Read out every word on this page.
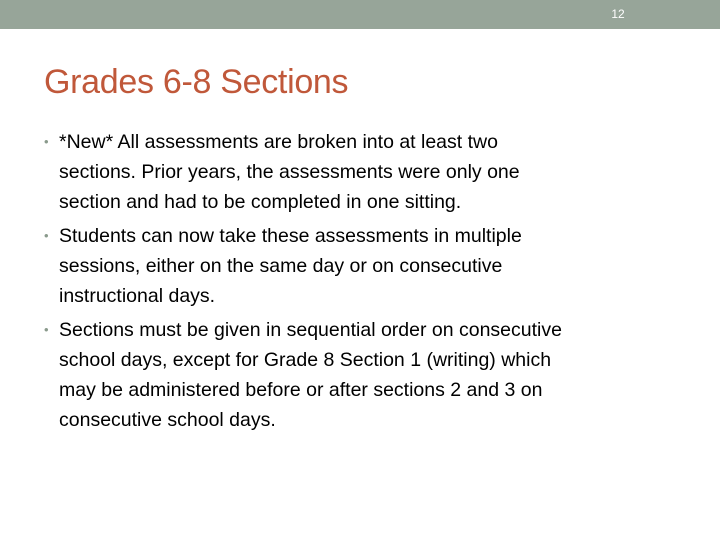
12
Grades 6-8 Sections
• *New* All assessments are broken into at least two
sections. Prior years, the assessments were only one
section and had to be completed in one sitting.
• Students can now take these assessments in multiple
sessions, either on the same day or on consecutive
instructional days.
• Sections must be given in sequential order on consecutive
school days, except for Grade 8 Section 1 (writing) which
may be administered before or after sections 2 and 3 on
consecutive school days.
